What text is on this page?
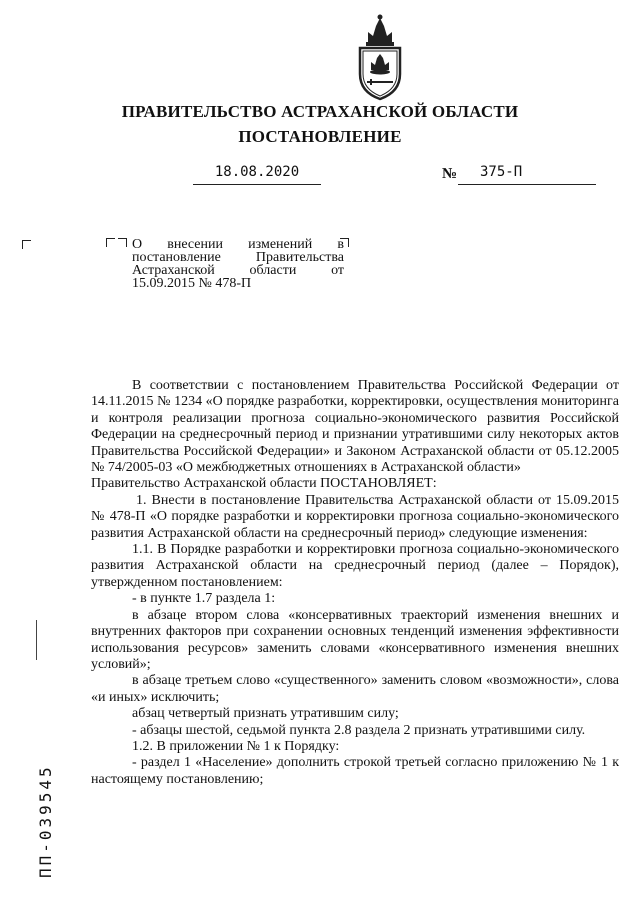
ПРАВИТЕЛЬСТВО АСТРАХАНСКОЙ ОБЛАСТИ
ПОСТАНОВЛЕНИЕ
18.08.2020	№ 375-П
О внесении изменений в постановление Правительства Астраханской области от 15.09.2015 № 478-П

В соответствии с постановлением Правительства Российской Федерации от 14.11.2015 № 1234 «О порядке разработки, корректировки, осуществления мониторинга и контроля реализации прогноза социально-экономического развития Российской Федерации на среднесрочный период и признании утратившими силу некоторых актов Правительства Российской Федерации» и Законом Астраханской области от 05.12.2005 № 74/2005-03 «О межбюджетных отношениях в Астраханской области»

Правительство Астраханской области ПОСТАНОВЛЯЕТ:

1. Внести в постановление Правительства Астраханской области от 15.09.2015 № 478-П «О порядке разработки и корректировки прогноза социально-экономического развития Астраханской области на среднесрочный период» следующие изменения:

1.1. В Порядке разработки и корректировки прогноза социально-экономического развития Астраханской области на среднесрочный период (далее – Порядок), утвержденном постановлением:

- в пункте 1.7 раздела 1:

в абзаце втором слова «консервативных траекторий изменения внешних и внутренних факторов при сохранении основных тенденций изменения эффективности использования ресурсов» заменить словами «консервативного изменения внешних условий»;

в абзаце третьем слово «существенного» заменить словом «возможности», слова «и иных» исключить;

абзац четвертый признать утратившим силу;

- абзацы шестой, седьмой пункта 2.8 раздела 2 признать утратившими силу.

1.2. В приложении № 1 к Порядку:

- раздел 1 «Население» дополнить строкой третьей согласно приложению № 1 к настоящему постановлению;

ПП-039545
